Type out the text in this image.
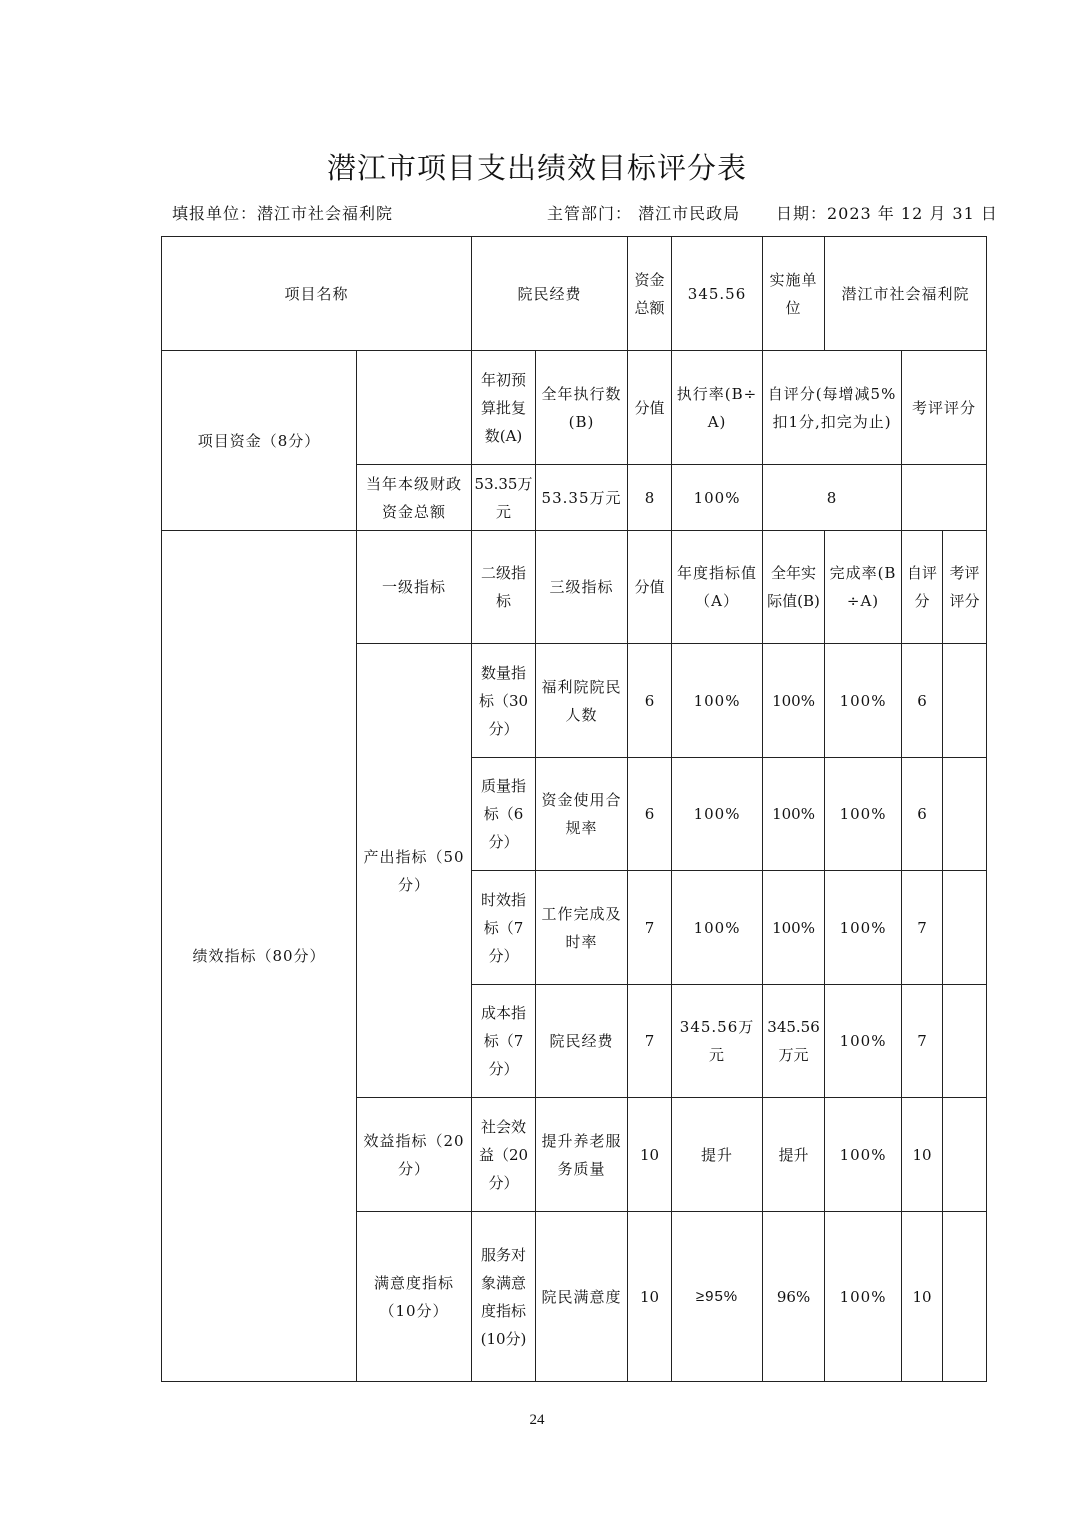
潜江市项目支出绩效目标评分表
填报单位：潜江市社会福利院	主管部门： 潜江市民政局 日期：2023 年 12 月 31 日
项目名称		院民经费		资金总额	345.56	实施单位	潜江市社会福利院		
项目资金（8分）		年初预算批复数(A)	全年执行数(B)	分值	执行率(B÷A)	自评分(每增减5%扣1分,扣完为止)		考评评分	
	当年本级财政资金总额	53.35万元	53.35万元	8	100%	8			
绩效指标（80分）	一级指标	二级指标	三级指标	分值	年度指标值（A）	全年实际值(B)	完成率(B÷A)	自评分	考评评分
	产出指标（50分）	数量指标（30分）	福利院院民人数	6	100%	100%	100%	6	
		质量指标（6分）	资金使用合规率	6	100%	100%	100%	6	
		时效指标（7分）	工作完成及时率	7	100%	100%	100%	7	
		成本指标（7分）	院民经费	7	345.56万元	345.56万元	100%	7	
	效益指标（20分）	社会效益（20分）	提升养老服务质量	10	提升	提升	100%	10	
	满意度指标（10分）	服务对象满意度指标(10分)	院民满意度	10	≥95%	96%	100%	10	
24
